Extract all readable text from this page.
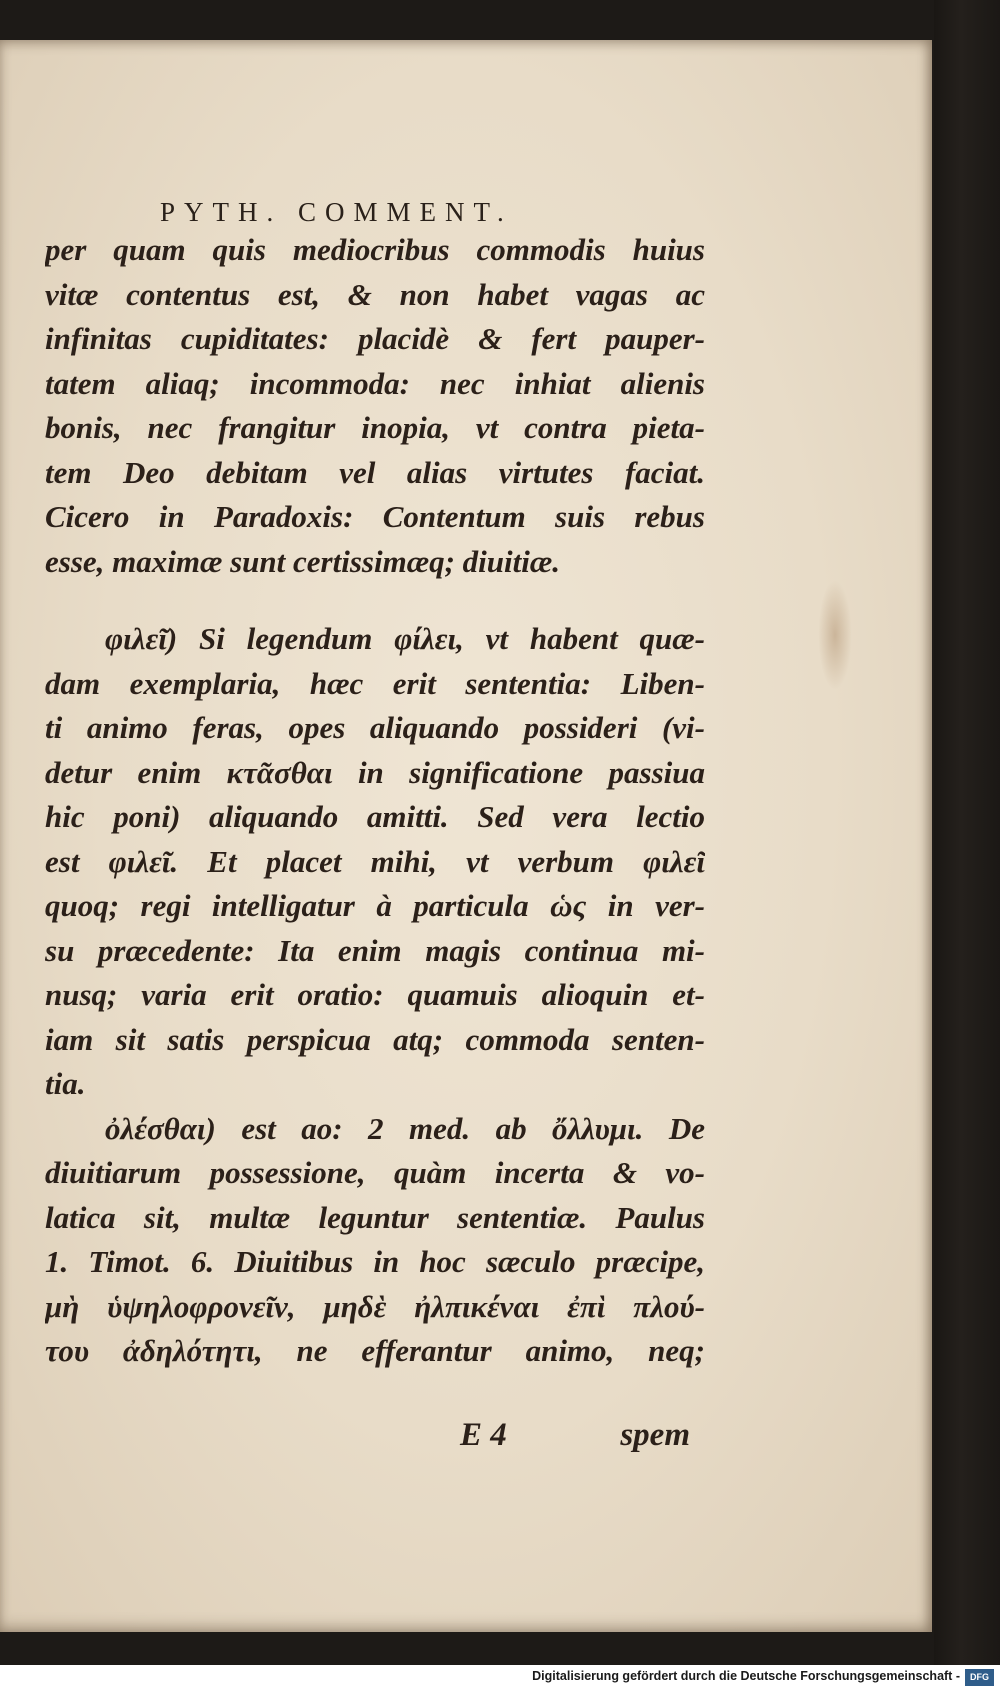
PYTH. COMMENT.
per quam quis mediocribus commodis huius
vitæ contentus est, & non habet vagas ac
infinitas cupiditates: placidè & fert pauper-
tatem aliaq; incommoda: nec inhiat alienis
bonis, nec frangitur inopia, vt contra pieta-
tem Deo debitam vel alias virtutes faciat.
Cicero in Paradoxis: Contentum suis rebus
esse, maximæ sunt certissimæq; diuitiæ.
φιλεῖ) Si legendum φίλει, vt habent quæ-
dam exemplaria, hæc erit sententia: Liben-
ti animo feras, opes aliquando possideri (vi-
detur enim κτᾶσθαι in significatione passiua
hic poni) aliquando amitti. Sed vera lectio
est φιλεῖ. Et placet mihi, vt verbum φιλεῖ
quoq; regi intelligatur à particula ὡς in ver-
su præcedente: Ita enim magis continua mi-
nusq; varia erit oratio: quamuis alioquin et-
iam sit satis perspicua atq; commoda senten-
tia.
ὀλέσθαι) est ao: 2 med. ab ὄλλυμι. De
diuitiarum possessione, quàm incerta & vo-
latica sit, multæ leguntur sententiæ. Paulus
1. Timot. 6. Diuitibus in hoc sæculo præcipe,
μὴ ὑψηλοφρονεῖν, μηδὲ ἠλπικέναι ἐπὶ πλού-
του ἀδηλότητι, ne efferantur animo, neq;
E 4	spem
Digitalisierung gefördert durch die Deutsche Forschungsgemeinschaft -	DFG
